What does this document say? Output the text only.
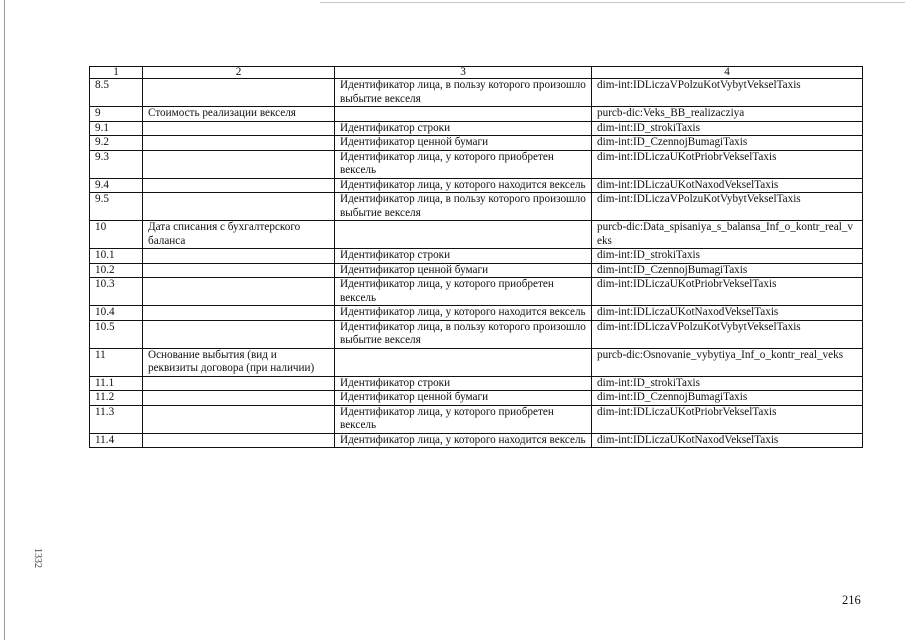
1	2	3	4
8.5		Идентификатор лица, в пользу которого произошло выбытие векселя	dim-int:IDLiczaVPolzuKotVybytVekselTaxis
9	Стоимость реализации векселя		purcb-dic:Veks_BB_realizacziya
9.1		Идентификатор строки	dim-int:ID_strokiTaxis
9.2		Идентификатор ценной бумаги	dim-int:ID_CzennojBumagiTaxis
9.3		Идентификатор лица, у которого приобретен вексель	dim-int:IDLiczaUKotPriobrVekselTaxis
9.4		Идентификатор лица, у которого находится вексель	dim-int:IDLiczaUKotNaxodVekselTaxis
9.5		Идентификатор лица, в пользу которого произошло выбытие векселя	dim-int:IDLiczaVPolzuKotVybytVekselTaxis
10	Дата списания с бухгалтерского баланса		purcb-dic:Data_spisaniya_s_balansa_Inf_o_kontr_real_veks
10.1		Идентификатор строки	dim-int:ID_strokiTaxis
10.2		Идентификатор ценной бумаги	dim-int:ID_CzennojBumagiTaxis
10.3		Идентификатор лица, у которого приобретен вексель	dim-int:IDLiczaUKotPriobrVekselTaxis
10.4		Идентификатор лица, у которого находится вексель	dim-int:IDLiczaUKotNaxodVekselTaxis
10.5		Идентификатор лица, в пользу которого произошло выбытие векселя	dim-int:IDLiczaVPolzuKotVybytVekselTaxis
11	Основание выбытия (вид и реквизиты договора (при наличии)		purcb-dic:Osnovanie_vybytiya_Inf_o_kontr_real_veks
11.1		Идентификатор строки	dim-int:ID_strokiTaxis
11.2		Идентификатор ценной бумаги	dim-int:ID_CzennojBumagiTaxis
11.3		Идентификатор лица, у которого приобретен вексель	dim-int:IDLiczaUKotPriobrVekselTaxis
11.4		Идентификатор лица, у которого находится вексель	dim-int:IDLiczaUKotNaxodVekselTaxis
216
1332
